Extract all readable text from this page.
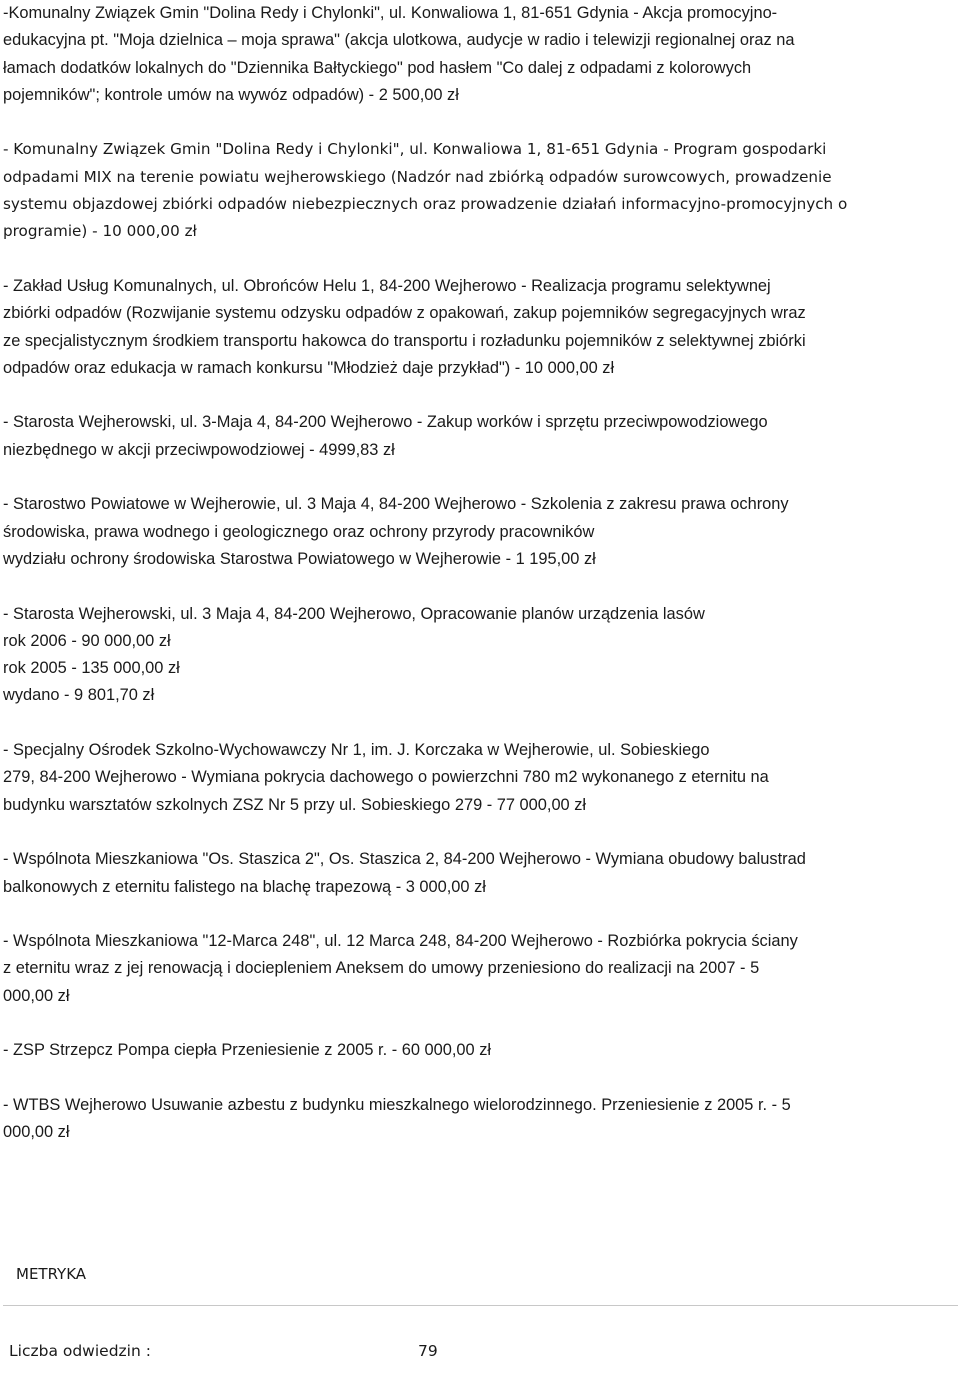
-Komunalny Związek Gmin "Dolina Redy i Chylonki", ul. Konwaliowa 1, 81-651 Gdynia - Akcja promocyjno-
edukacyjna pt. "Moja dzielnica – moja sprawa" (akcja ulotkowa, audycje w radio i telewizji regionalnej oraz na
łamach dodatków lokalnych do "Dziennika Bałtyckiego" pod hasłem "Co dalej z odpadami z kolorowych
pojemników"; kontrole umów na wywóz odpadów) - 2 500,00 zł

- Komunalny Związek Gmin "Dolina Redy i Chylonki", ul. Konwaliowa 1, 81-651 Gdynia - Program gospodarki
odpadami MIX na terenie powiatu wejherowskiego (Nadzór nad zbiórką odpadów surowcowych, prowadzenie
systemu objazdowej zbiórki odpadów niebezpiecznych oraz prowadzenie działań informacyjno-promocyjnych o
programie) - 10 000,00 zł

- Zakład Usług Komunalnych, ul. Obrońców Helu 1, 84-200 Wejherowo - Realizacja programu selektywnej
zbiórki odpadów (Rozwijanie systemu odzysku odpadów z opakowań, zakup pojemników segregacyjnych wraz
ze specjalistycznym środkiem transportu hakowca do transportu i rozładunku pojemników z selektywnej zbiórki
odpadów oraz edukacja w ramach konkursu "Młodzież daje przykład") - 10 000,00 zł

- Starosta Wejherowski, ul. 3-Maja 4, 84-200 Wejherowo - Zakup worków i sprzętu przeciwpowodziowego
niezbędnego w akcji przeciwpowodziowej - 4999,83 zł

- Starostwo Powiatowe w Wejherowie, ul. 3 Maja 4, 84-200 Wejherowo - Szkolenia z zakresu prawa ochrony
środowiska, prawa wodnego i geologicznego oraz ochrony przyrody pracowników
wydziału ochrony środowiska Starostwa Powiatowego w Wejherowie - 1 195,00 zł

- Starosta Wejherowski, ul. 3 Maja 4, 84-200 Wejherowo, Opracowanie planów urządzenia lasów
rok 2006 - 90 000,00 zł
rok 2005 - 135 000,00 zł
wydano - 9 801,70 zł

- Specjalny Ośrodek Szkolno-Wychowawczy Nr 1, im. J. Korczaka w Wejherowie, ul. Sobieskiego
279, 84-200 Wejherowo - Wymiana pokrycia dachowego o powierzchni 780 m2 wykonanego z eternitu na
budynku warsztatów szkolnych ZSZ Nr 5 przy ul. Sobieskiego 279 - 77 000,00 zł

- Wspólnota Mieszkaniowa "Os. Staszica 2", Os. Staszica 2, 84-200 Wejherowo - Wymiana obudowy balustrad
balkonowych z eternitu falistego na blachę trapezową - 3 000,00 zł

- Wspólnota Mieszkaniowa "12-Marca 248", ul. 12 Marca 248, 84-200 Wejherowo - Rozbiórka pokrycia ściany
z eternitu wraz z jej renowacją i dociepleniem Aneksem do umowy przeniesiono do realizacji na 2007 - 5
000,00 zł

- ZSP Strzepcz Pompa ciepła Przeniesienie z 2005 r. - 60 000,00 zł

- WTBS Wejherowo Usuwanie azbestu z budynku mieszkalnego wielorodzinnego. Przeniesienie z 2005 r. - 5
000,00 zł

METRYKA
Liczba odwiedzin :	79
